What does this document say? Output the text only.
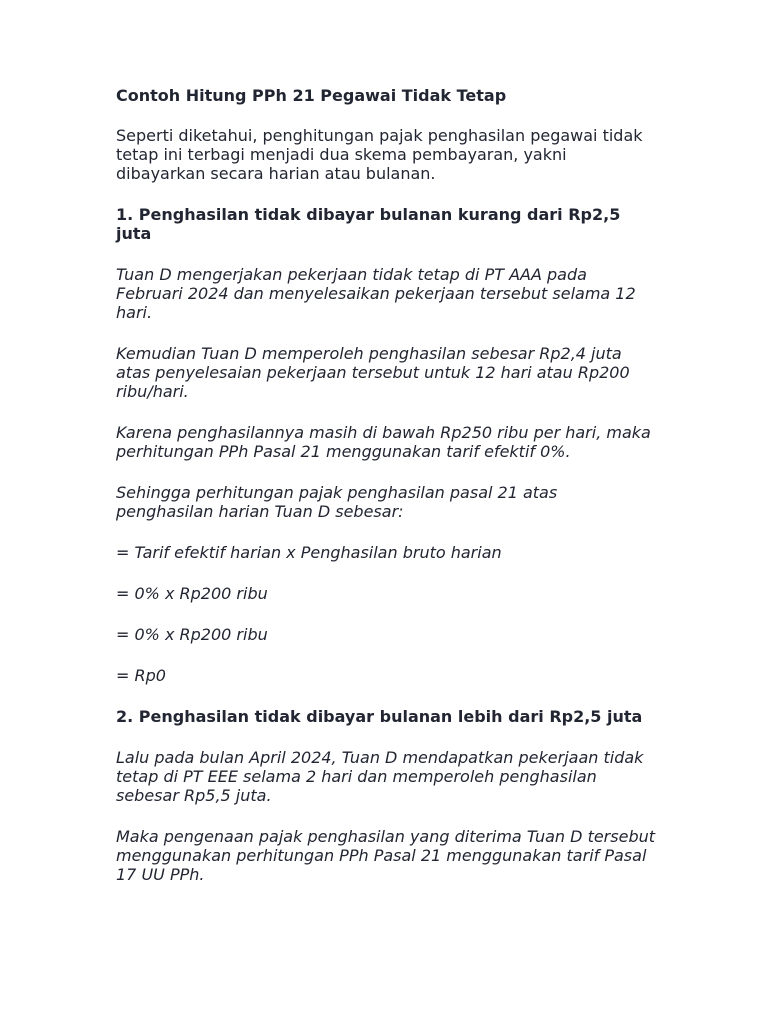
Contoh Hitung PPh 21 Pegawai Tidak Tetap
Seperti diketahui, penghitungan pajak penghasilan pegawai tidak tetap ini terbagi menjadi dua skema pembayaran, yakni dibayarkan secara harian atau bulanan.
1. Penghasilan tidak dibayar bulanan kurang dari Rp2,5 juta
Tuan D mengerjakan pekerjaan tidak tetap di PT AAA pada Februari 2024 dan menyelesaikan pekerjaan tersebut selama 12 hari.
Kemudian Tuan D memperoleh penghasilan sebesar Rp2,4 juta atas penyelesaian pekerjaan tersebut untuk 12 hari atau Rp200 ribu/hari.
Karena penghasilannya masih di bawah Rp250 ribu per hari, maka perhitungan PPh Pasal 21 menggunakan tarif efektif 0%.
Sehingga perhitungan pajak penghasilan pasal 21 atas penghasilan harian Tuan D sebesar:
= Tarif efektif harian x Penghasilan bruto harian
= 0% x Rp200 ribu
= 0% x Rp200 ribu
= Rp0
2. Penghasilan tidak dibayar bulanan lebih dari Rp2,5 juta
Lalu pada bulan April 2024, Tuan D mendapatkan pekerjaan tidak tetap di PT EEE selama 2 hari dan memperoleh penghasilan sebesar Rp5,5 juta.
Maka pengenaan pajak penghasilan yang diterima Tuan D tersebut menggunakan perhitungan PPh Pasal 21 menggunakan tarif Pasal 17 UU PPh.
